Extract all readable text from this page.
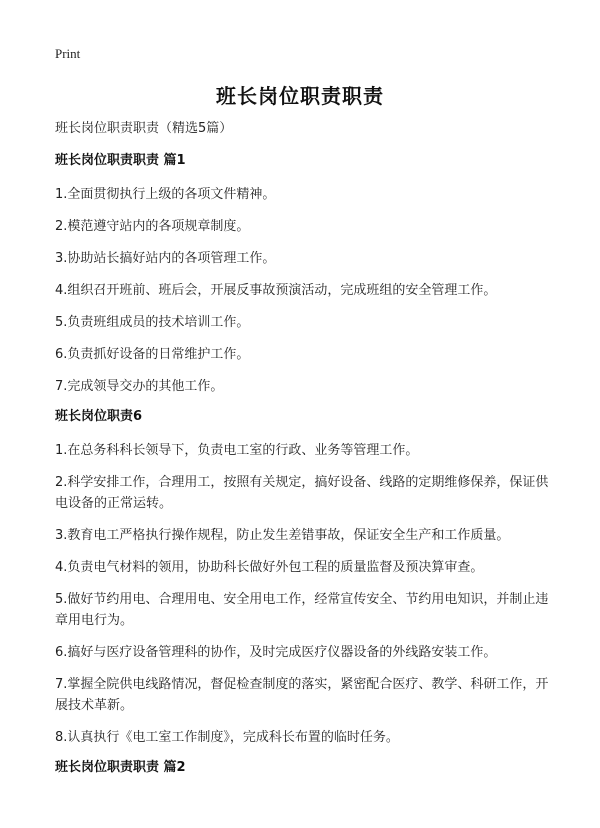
Print
班长岗位职责职责
班长岗位职责职责（精选5篇）
班长岗位职责职责 篇1
1.全面贯彻执行上级的各项文件精神。
2.模范遵守站内的各项规章制度。
3.协助站长搞好站内的各项管理工作。
4.组织召开班前、班后会，开展反事故预演活动，完成班组的安全管理工作。
5.负责班组成员的技术培训工作。
6.负责抓好设备的日常维护工作。
7.完成领导交办的其他工作。
班长岗位职责6
1.在总务科科长领导下，负责电工室的行政、业务等管理工作。
2.科学安排工作，合理用工，按照有关规定，搞好设备、线路的定期维修保养，保证供电设备的正常运转。
3.教育电工严格执行操作规程，防止发生差错事故，保证安全生产和工作质量。
4.负责电气材料的领用，协助科长做好外包工程的质量监督及预决算审查。
5.做好节约用电、合理用电、安全用电工作，经常宣传安全、节约用电知识，并制止违章用电行为。
6.搞好与医疗设备管理科的协作，及时完成医疗仪器设备的外线路安装工作。
7.掌握全院供电线路情况，督促检查制度的落实，紧密配合医疗、教学、科研工作，开展技术革新。
8.认真执行《电工室工作制度》，完成科长布置的临时任务。
班长岗位职责职责 篇2
